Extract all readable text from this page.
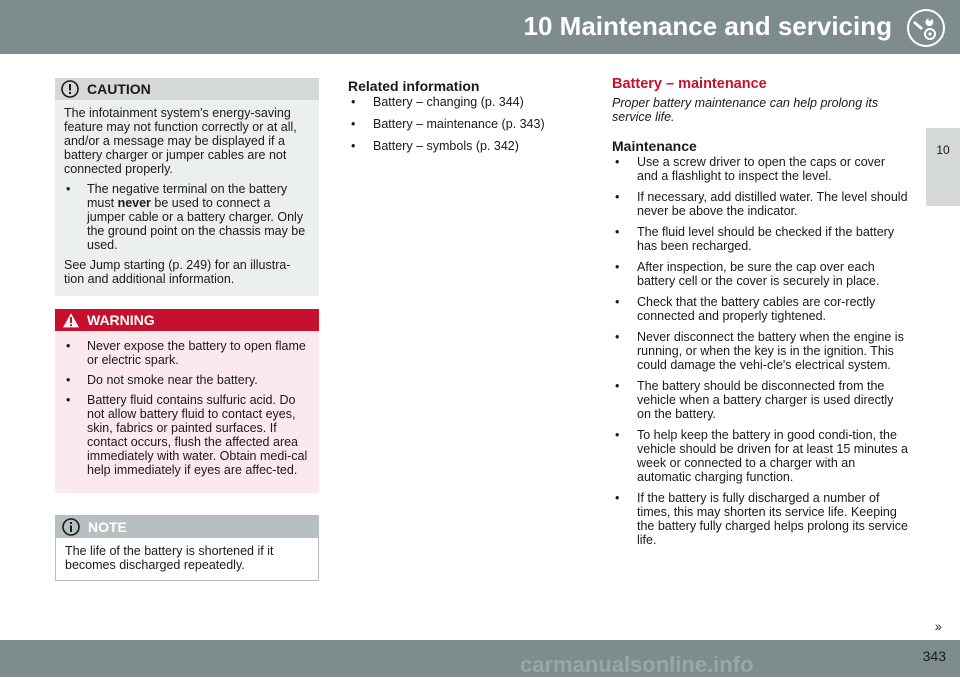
10 Maintenance and servicing
10
CAUTION

The infotainment system's energy-saving feature may not function correctly or at all, and/or a message may be displayed if a battery charger or jumper cables are not connected properly.

• The negative terminal on the battery must never be used to connect a jumper cable or a battery charger. Only the ground point on the chassis may be used.

See Jump starting (p. 249) for an illustra-tion and additional information.

WARNING
• Never expose the battery to open flame or electric spark.
• Do not smoke near the battery.
• Battery fluid contains sulfuric acid. Do not allow battery fluid to contact eyes, skin, fabrics or painted surfaces. If contact occurs, flush the affected area immediately with water. Obtain medi-cal help immediately if eyes are affec-ted.
NOTE

The life of the battery is shortened if it becomes discharged repeatedly.

Related information
• Battery – changing (p. 344)
• Battery – maintenance (p. 343)
• Battery – symbols (p. 342)
Battery – maintenance

Proper battery maintenance can help prolong its service life.

Maintenance
• Use a screw driver to open the caps or cover and a flashlight to inspect the level.
• If necessary, add distilled water. The level should never be above the indicator.
• The fluid level should be checked if the battery has been recharged.
• After inspection, be sure the cap over each battery cell or the cover is securely in place.
• Check that the battery cables are cor-rectly connected and properly tightened.
• Never disconnect the battery when the engine is running, or when the key is in the ignition. This could damage the vehi-cle's electrical system.
• The battery should be disconnected from the vehicle when a battery charger is used directly on the battery.
• To help keep the battery in good condi-tion, the vehicle should be driven for at least 15 minutes a week or connected to a charger with an automatic charging function.
• If the battery is fully discharged a number of times, this may shorten its service life. Keeping the battery fully charged helps prolong its service life.
››
carmanualsonline.info	343
